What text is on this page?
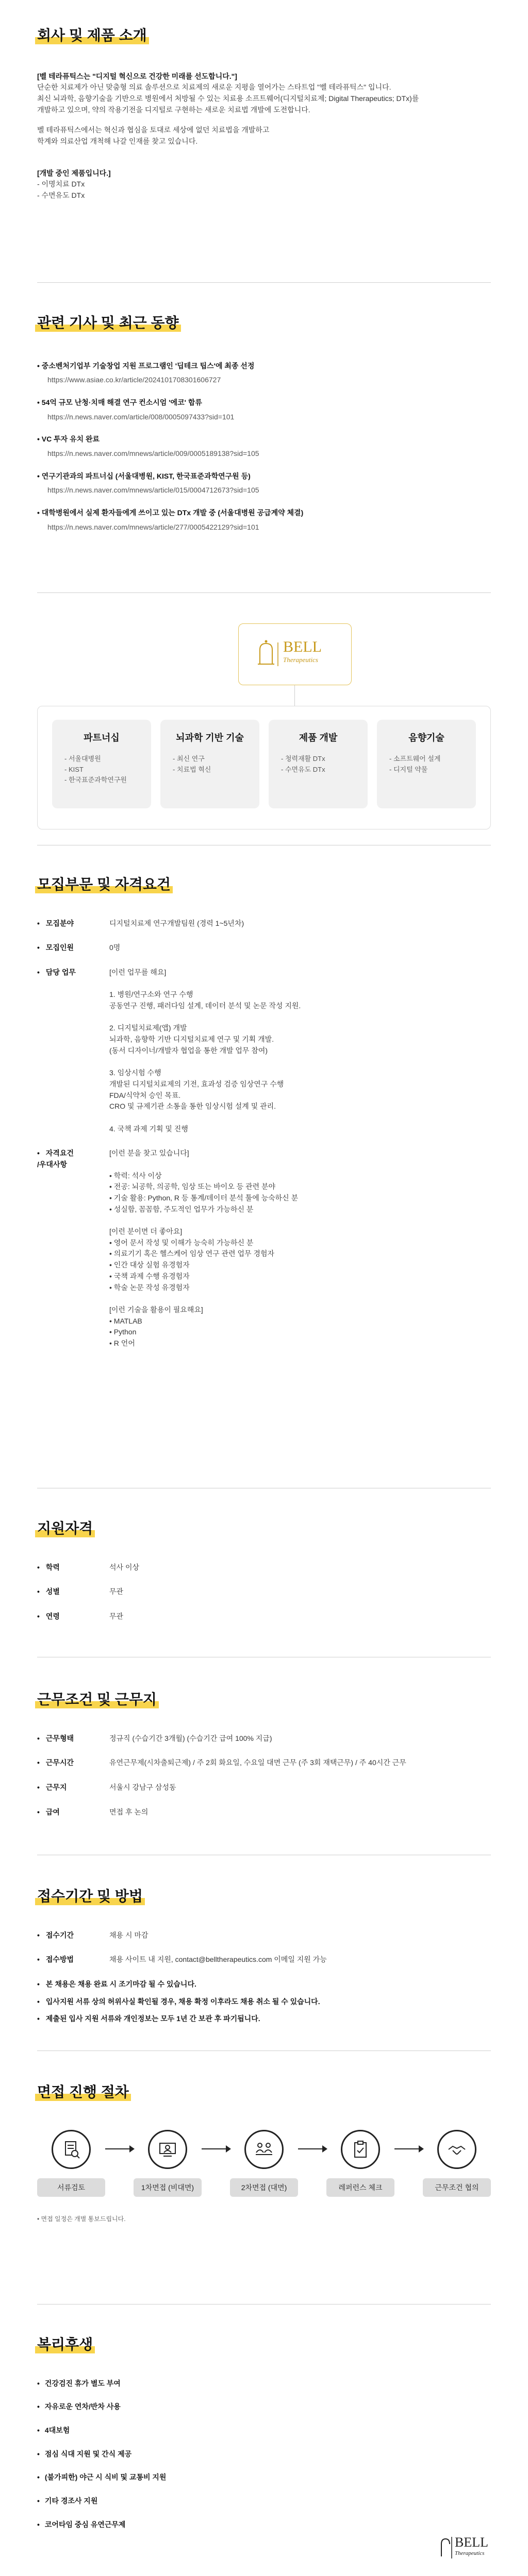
회사 및 제품 소개
[벨 테라퓨틱스는 "디지털 혁신으로 건강한 미래를 선도합니다."]
단순한 치료제가 아닌 맞춤형 의료 솔루션으로 치료제의 새로운 지평을 열어가는 스타트업 "벨 테라퓨틱스" 입니다.
최신 뇌과학, 음향기술을 기반으로 병원에서 처방될 수 있는 치료용 소프트웨어(디지털치료제; Digital Therapeutics; DTx)를
개발하고 있으며, 약의 작용기전을 디지털로 구현하는 새로운 치료법 개발에 도전합니다.
벨 테라퓨틱스에서는 혁신과 협심을 토대로 세상에 없던 치료법을 개발하고
학계와 의료산업 개척해 나갈 인재를 찾고 있습니다.
[개발 중인 제품입니다.]
- 이명치료 DTx
- 수면유도 DTx
관련 기사 및 최근 동향
• 중소벤처기업부 기술창업 지원 프로그램인 '딥테크 팁스'에 최종 선정
https://www.asiae.co.kr/article/2024101708301606727
• 54억 규모 난청·치매 해결 연구 컨소시엄 '에코' 합류
https://n.news.naver.com/article/008/0005097433?sid=101
• VC 투자 유치 완료
https://n.news.naver.com/mnews/article/009/0005189138?sid=105
• 연구기관과의 파트너십 (서울대병원, KIST, 한국표준과학연구원 등)
https://n.news.naver.com/mnews/article/015/0004712673?sid=105
• 대학병원에서 실제 환자들에게 쓰이고 있는 DTx 개발 중 (서울대병원 공급계약 체결)
https://n.news.naver.com/mnews/article/277/0005422129?sid=101
BELL
Therapeutics
파트너십
- 서울대병원
- KIST
- 한국표준과학연구원
뇌과학 기반 기술
- 최신 연구
- 치료법 혁신
제품 개발
- 청력재활 DTx
- 수면유도 DTx
음향기술
- 소프트웨어 설계
- 디지털 약물
모집부문 및 자격요건
• 모집분야	디지털치료제 연구개발팀원 (경력 1~5년차)
• 모집인원	0명
• 담당 업무	[이런 업무를 해요]

1. 병원/연구소와 연구 수행
공동연구 진행, 패러다임 설계, 데이터 분석 및 논문 작성 지원.

2. 디지털치료제(앱) 개발
뇌과학, 음향학 기반 디지털치료제 연구 및 기획 개발.
(동서 디자이너/개발자 협업을 통한 개발 업무 참여)

3. 임상시험 수행
개발된 디지털치료제의 기전, 효과성 검증 임상연구 수행
FDA/식약처 승인 목표.
CRO 및 규제기관 소통을 통한 임상시험 설계 및 관리.

4. 국책 과제 기획 및 진행
• 자격요건
/우대사항
[이런 분을 찾고 있습니다]

• 학력: 석사 이상
• 전공: 뇌공학, 의공학, 임상 또는 바이오 등 관련 분야
• 기술 활용: Python, R 등 통계/데이터 분석 툴에 능숙하신 분
• 성실함, 꼼꼼함, 주도적인 업무가 가능하신 분

[이런 분이면 더 좋아요]
• 영어 문서 작성 및 이해가 능숙히 가능하신 분
• 의료기기 혹은 헬스케어 임상 연구 관련 업무 경험자
• 인간 대상 실험 유경험자
• 국책 과제 수행 유경험자
• 학술 논문 작성 유경험자

[이런 기술을 활용이 필요해요]
• MATLAB
• Python
• R 언어
지원자격
• 학력	석사 이상
• 성별	무관
• 연령	무관
근무조건 및 근무지
• 근무형태	정규직 (수습기간 3개월) (수습기간 급여 100% 지급)
• 근무시간	유연근무제(시차출퇴근제) / 주 2회 화요일, 수요일 대면 근무 (주 3회 재택근무) / 주 40시간 근무
• 근무지	서울시 강남구 삼성동
• 급여	면접 후 논의
접수기간 및 방법
• 접수기간	채용 시 마감
• 접수방법	채용 사이트 내 지원, contact@belltherapeutics.com 이메일 지원 가능
• 본 채용은 채용 완료 시 조기마감 될 수 있습니다.
• 입사지원 서류 상의 허위사실 확인될 경우, 채용 확정 이후라도 채용 취소 될 수 있습니다.
• 제출된 입사 지원 서류와 개인정보는 모두 1년 간 보관 후 파기됩니다.
면접 진행 절차
서류검토	1차면접 (비대면)	2차면접 (대면)	레퍼런스 체크	근무조건 협의
• 면접 일정은 개별 통보드립니다.
복리후생
• 건강검진 휴가 별도 부여
• 자유로운 연차/반차 사용
• 4대보험
• 점심 식대 지원 및 간식 제공
• (불가피한) 야근 시 식비 및 교통비 지원
• 기타 경조사 지원
• 코어타임 중심 유연근무제
BELL
Therapeutics
